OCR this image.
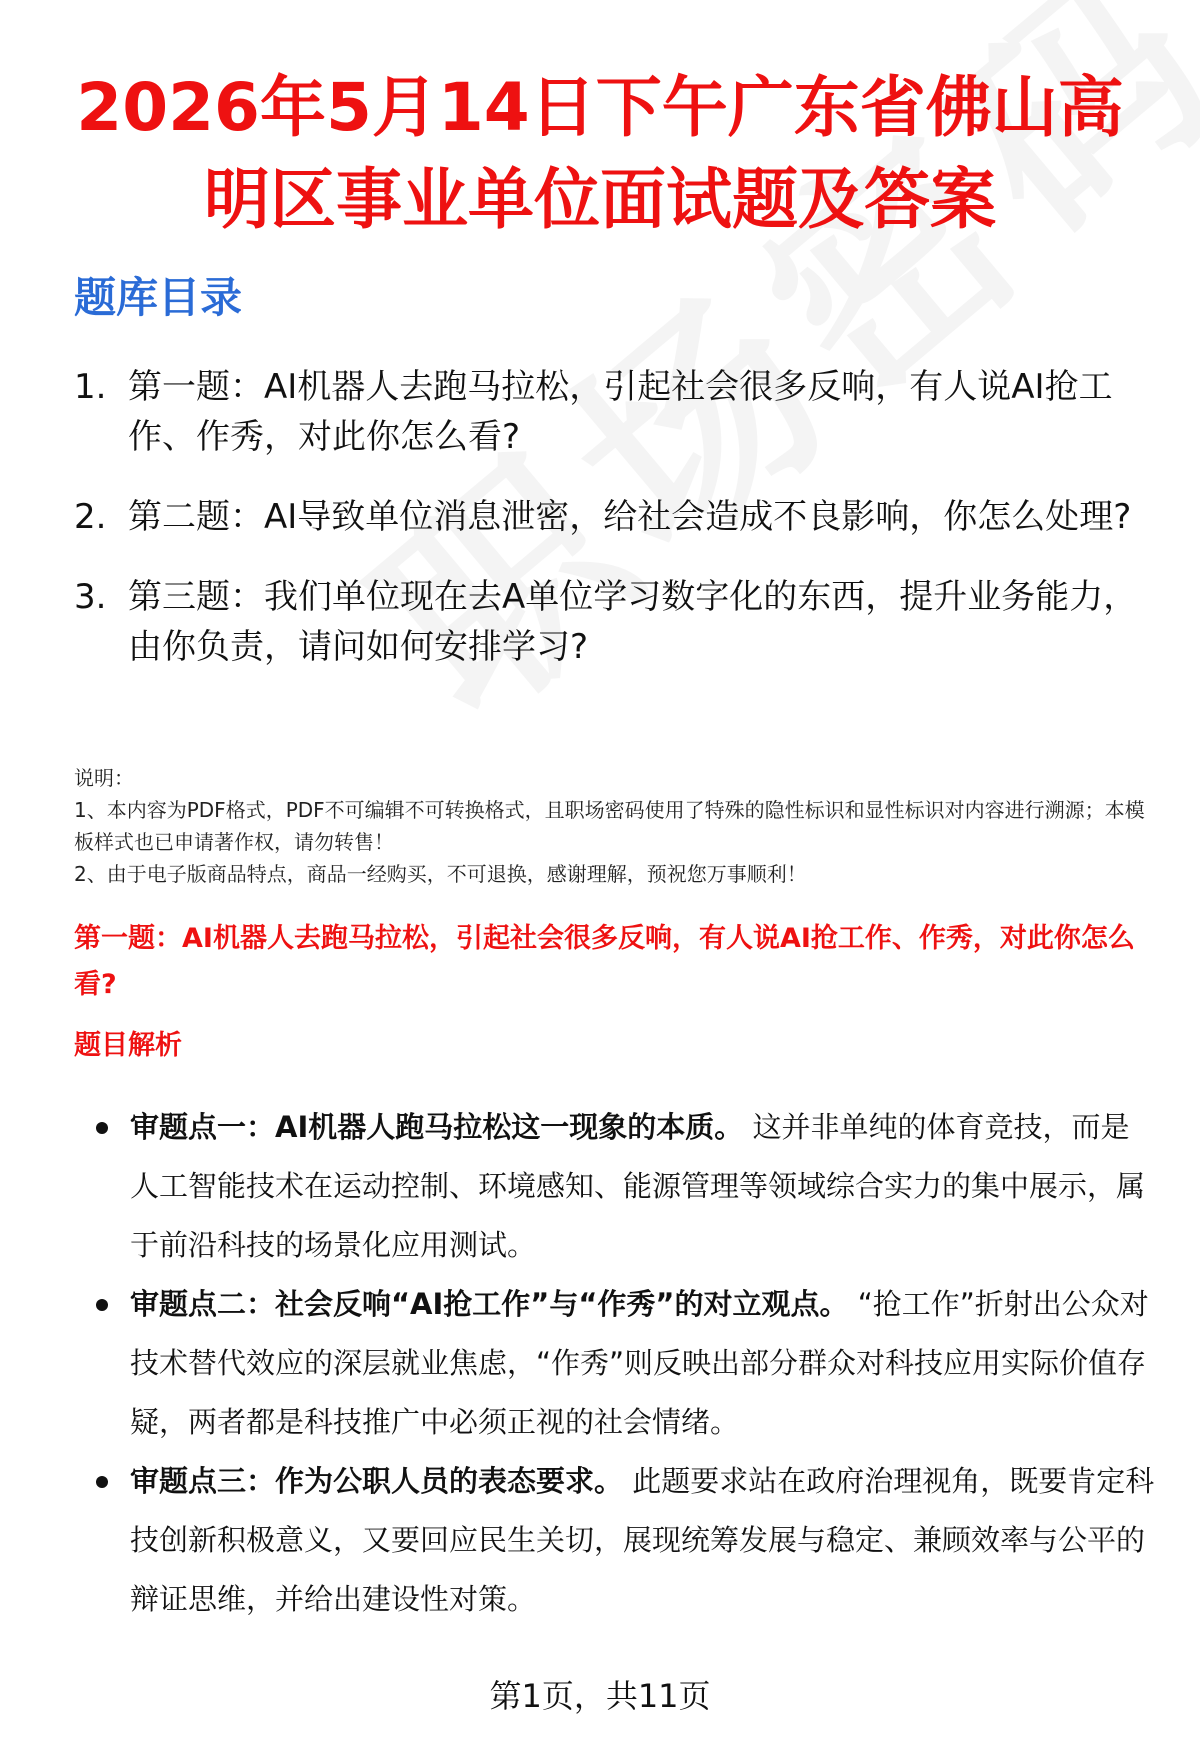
2026年5月14日下午广东省佛山高明区事业单位面试题及答案
题库目录
1. 第一题：AI机器人去跑马拉松，引起社会很多反响，有人说AI抢工作、作秀，对此你怎么看?
2. 第二题：AI导致单位消息泄密，给社会造成不良影响，你怎么处理?
3. 第三题：我们单位现在去A单位学习数字化的东西，提升业务能力，由你负责，请问如何安排学习?
说明：
1、本内容为PDF格式，PDF不可编辑不可转换格式，且职场密码使用了特殊的隐性标识和显性标识对内容进行溯源；本模板样式也已申请著作权，请勿转售！
2、由于电子版商品特点，商品一经购买，不可退换，感谢理解，预祝您万事顺利！
第一题：AI机器人去跑马拉松，引起社会很多反响，有人说AI抢工作、作秀，对此你怎么看?
题目解析
审题点一：AI机器人跑马拉松这一现象的本质。 这并非单纯的体育竞技，而是人工智能技术在运动控制、环境感知、能源管理等领域综合实力的集中展示，属于前沿科技的场景化应用测试。
审题点二：社会反响“AI抢工作”与“作秀”的对立观点。 “抢工作”折射出公众对技术替代效应的深层就业焦虑，“作秀”则反映出部分群众对科技应用实际价值存疑，两者都是科技推广中必须正视的社会情绪。
审题点三：作为公职人员的表态要求。 此题要求站在政府治理视角，既要肯定科技创新积极意义，又要回应民生关切，展现统筹发展与稳定、兼顾效率与公平的辩证思维，并给出建设性对策。
第1页，共11页
